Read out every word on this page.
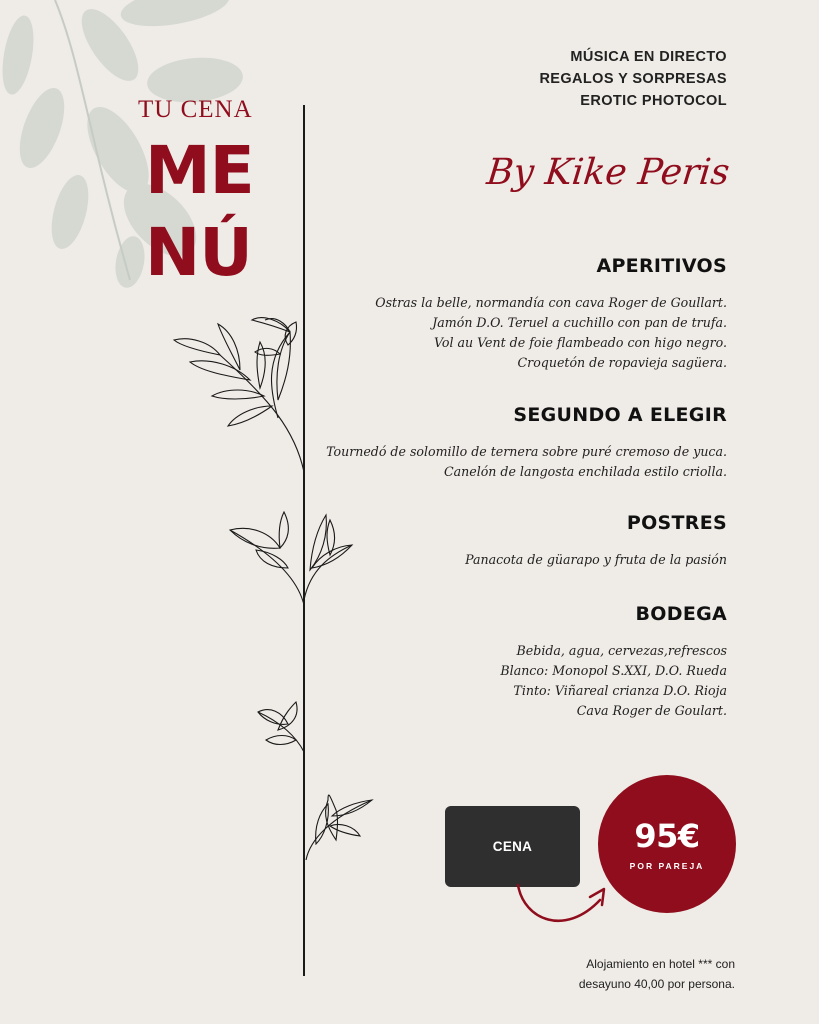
TU CENA
ME
NÚ
MÚSICA EN DIRECTO
REGALOS Y SORPRESAS
EROTIC PHOTOCOL
By Kike Peris
APERITIVOS
Ostras la belle, normandía con cava Roger de Goullart.
Jamón D.O. Teruel a cuchillo con pan de trufa.
Vol au Vent de foie flambeado con higo negro.
Croquetón de ropavieja sagüera.
SEGUNDO A ELEGIR
Tournedó de solomillo de ternera sobre puré cremoso de yuca.
Canelón de langosta enchilada estilo criolla.
POSTRES
Panacota de güarapo y fruta de la pasión
BODEGA
Bebida, agua, cervezas,refrescos
Blanco: Monopol S.XXI, D.O. Rueda
Tinto: Viñareal crianza D.O. Rioja
Cava Roger de Goulart.
CENA	95€
POR PAREJA
Alojamiento en hotel *** con
desayuno 40,00 por persona.
